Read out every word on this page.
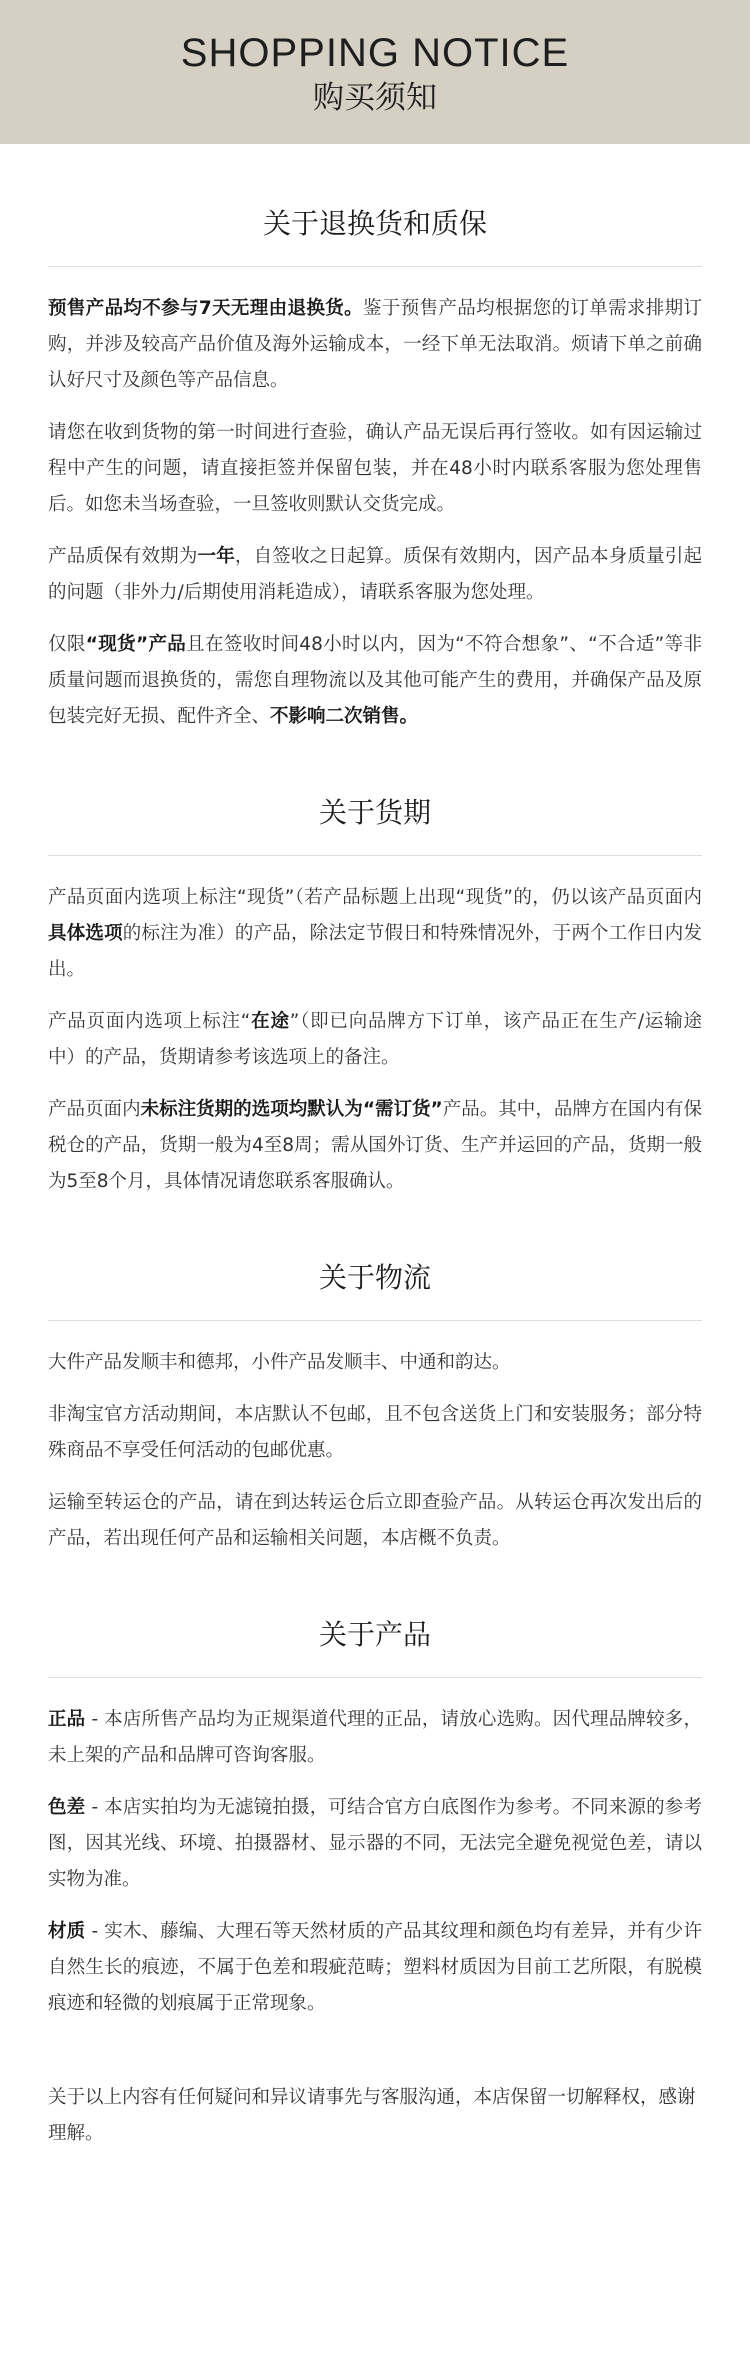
SHOPPING NOTICE
购买须知
关于退换货和质保

预售产品均不参与7天无理由退换货。鉴于预售产品均根据您的订单需求排期订购，并涉及较高产品价值及海外运输成本，一经下单无法取消。烦请下单之前确认好尺寸及颜色等产品信息。

请您在收到货物的第一时间进行查验，确认产品无误后再行签收。如有因运输过程中产生的问题，请直接拒签并保留包装，并在48小时内联系客服为您处理售后。如您未当场查验，一旦签收则默认交货完成。

产品质保有效期为一年，自签收之日起算。质保有效期内，因产品本身质量引起的问题（非外力/后期使用消耗造成），请联系客服为您处理。

仅限“现货”产品且在签收时间48小时以内，因为“不符合想象”、“不合适”等非质量问题而退换货的，需您自理物流以及其他可能产生的费用，并确保产品及原包装完好无损、配件齐全、不影响二次销售。

关于货期

产品页面内选项上标注“现货”（若产品标题上出现“现货”的，仍以该产品页面内具体选项的标注为准）的产品，除法定节假日和特殊情况外，于两个工作日内发出。

产品页面内选项上标注“在途”（即已向品牌方下订单，该产品正在生产/运输途中）的产品，货期请参考该选项上的备注。

产品页面内未标注货期的选项均默认为“需订货”产品。其中，品牌方在国内有保税仓的产品，货期一般为4至8周；需从国外订货、生产并运回的产品，货期一般为5至8个月，具体情况请您联系客服确认。

关于物流

大件产品发顺丰和德邦，小件产品发顺丰、中通和韵达。

非淘宝官方活动期间，本店默认不包邮，且不包含送货上门和安装服务；部分特殊商品不享受任何活动的包邮优惠。

运输至转运仓的产品，请在到达转运仓后立即查验产品。从转运仓再次发出后的产品，若出现任何产品和运输相关问题，本店概不负责。

关于产品

正品 - 本店所售产品均为正规渠道代理的正品，请放心选购。因代理品牌较多，未上架的产品和品牌可咨询客服。

色差 - 本店实拍均为无滤镜拍摄，可结合官方白底图作为参考。不同来源的参考图，因其光线、环境、拍摄器材、显示器的不同，无法完全避免视觉色差，请以实物为准。

材质 - 实木、藤编、大理石等天然材质的产品其纹理和颜色均有差异，并有少许自然生长的痕迹，不属于色差和瑕疵范畴；塑料材质因为目前工艺所限，有脱模痕迹和轻微的划痕属于正常现象。

关于以上内容有任何疑问和异议请事先与客服沟通，本店保留一切解释权，感谢理解。
